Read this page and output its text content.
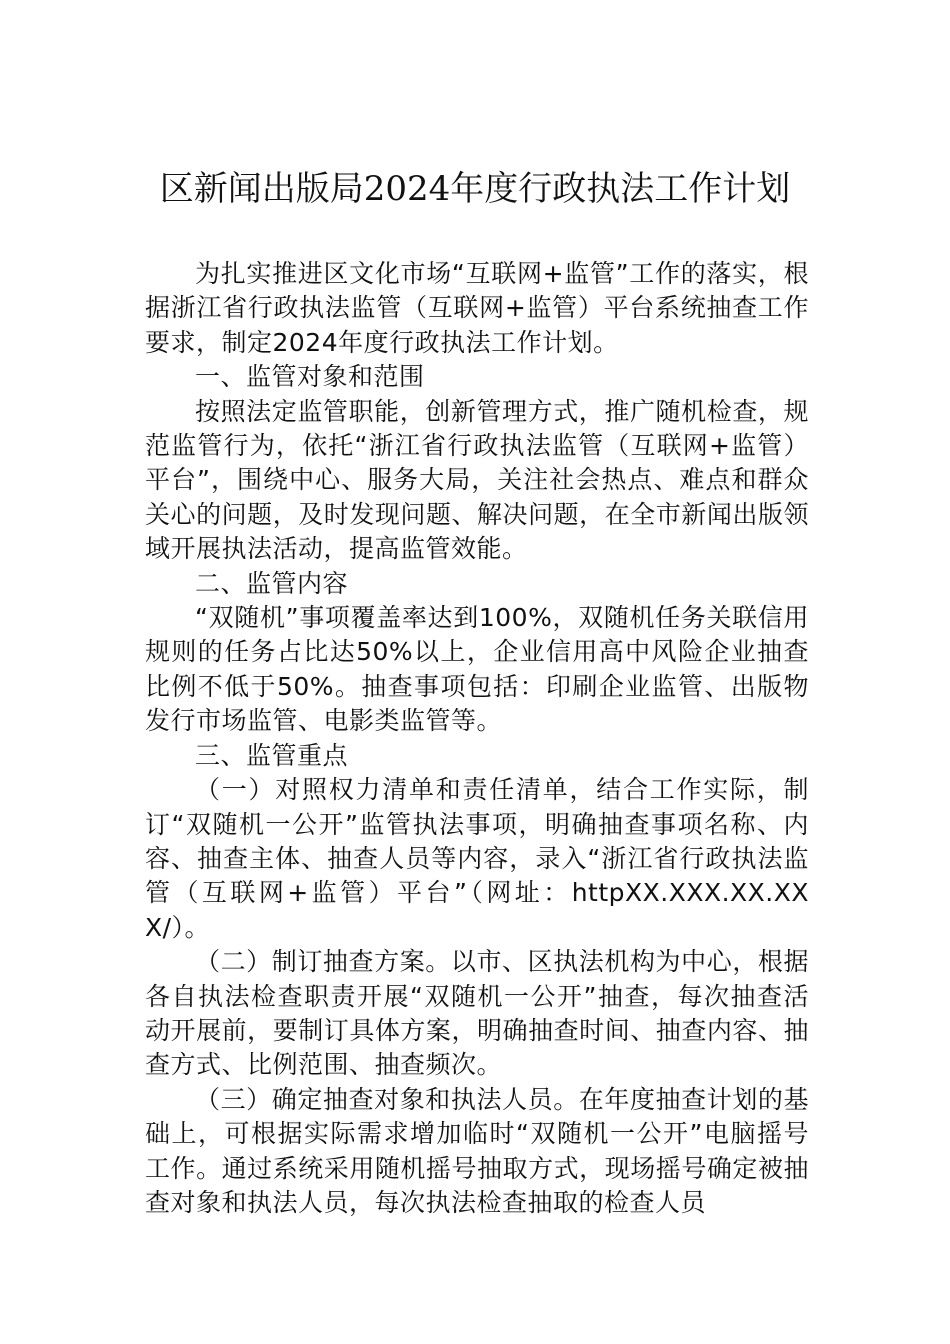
区新闻出版局2024年度行政执法工作计划

为扎实推进区文化市场“互联网+监管”工作的落实，根据浙江省行政执法监管（互联网+监管）平台系统抽查工作要求，制定2024年度行政执法工作计划。

一、监管对象和范围

按照法定监管职能，创新管理方式，推广随机检查，规范监管行为，依托“浙江省行政执法监管（互联网+监管）平台”，围绕中心、服务大局，关注社会热点、难点和群众关心的问题，及时发现问题、解决问题，在全市新闻出版领域开展执法活动，提高监管效能。

二、监管内容

“双随机”事项覆盖率达到100%，双随机任务关联信用规则的任务占比达50%以上，企业信用高中风险企业抽查比例不低于50%。抽查事项包括：印刷企业监管、出版物发行市场监管、电影类监管等。

三、监管重点

（一）对照权力清单和责任清单，结合工作实际，制订“双随机一公开”监管执法事项，明确抽查事项名称、内容、抽查主体、抽查人员等内容，录入“浙江省行政执法监管（互联网+监管）平台”（网址：httpXX.XXX.XX.XXX/）。

（二）制订抽查方案。以市、区执法机构为中心，根据各自执法检查职责开展“双随机一公开”抽查，每次抽查活动开展前，要制订具体方案，明确抽查时间、抽查内容、抽查方式、比例范围、抽查频次。

（三）确定抽查对象和执法人员。在年度抽查计划的基础上，可根据实际需求增加临时“双随机一公开”电脑摇号工作。通过系统采用随机摇号抽取方式，现场摇号确定被抽查对象和执法人员，每次执法检查抽取的检查人员
